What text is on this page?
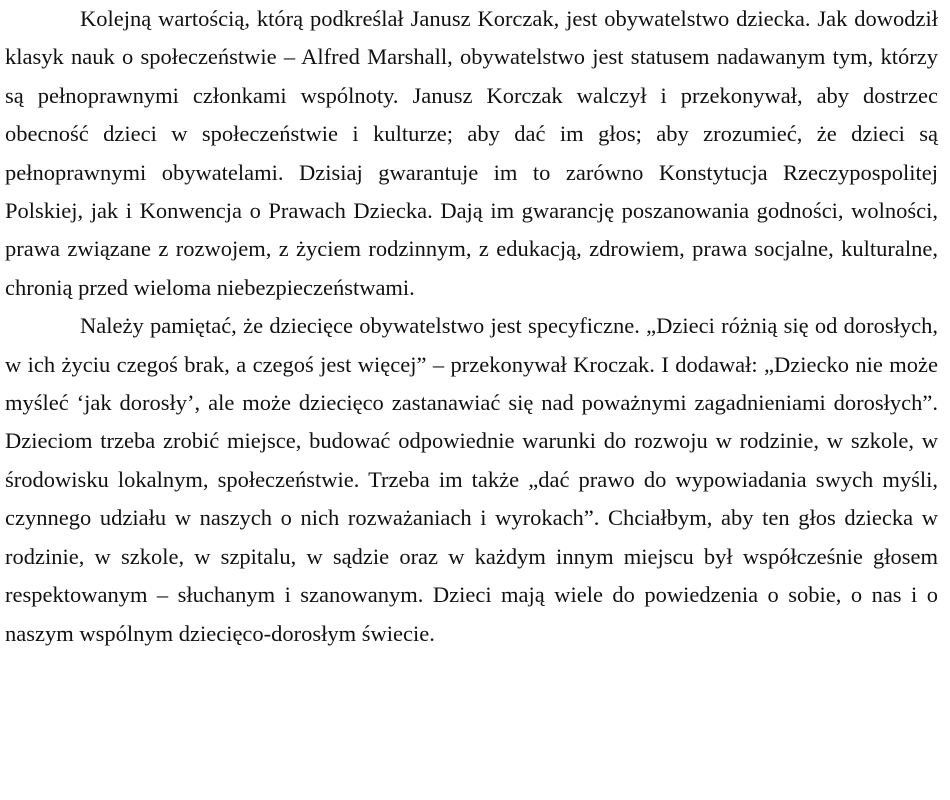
Kolejną wartością, którą podkreślał Janusz Korczak, jest obywatelstwo dziecka. Jak dowodził klasyk nauk o społeczeństwie – Alfred Marshall, obywatelstwo jest statusem nadawanym tym, którzy są pełnoprawnymi członkami wspólnoty. Janusz Korczak walczył i przekonywał, aby dostrzec obecność dzieci w społeczeństwie i kulturze; aby dać im głos; aby zrozumieć, że dzieci są pełnoprawnymi obywatelami. Dzisiaj gwarantuje im to zarówno Konstytucja Rzeczypospolitej Polskiej, jak i Konwencja o Prawach Dziecka. Dają im gwarancję poszanowania godności, wolności, prawa związane z rozwojem, z życiem rodzinnym, z edukacją, zdrowiem, prawa socjalne, kulturalne, chronią przed wieloma niebezpieczeństwami.

Należy pamiętać, że dziecięce obywatelstwo jest specyficzne. „Dzieci różnią się od dorosłych, w ich życiu czegoś brak, a czegoś jest więcej” – przekonywał Kroczak. I dodawał: „Dziecko nie może myśleć ‘jak dorosły’, ale może dziecięco zastanawiać się nad poważnymi zagadnieniami dorosłych”. Dzieciom trzeba zrobić miejsce, budować odpowiednie warunki do rozwoju w rodzinie, w szkole, w środowisku lokalnym, społeczeństwie. Trzeba im także „dać prawo do wypowiadania swych myśli, czynnego udziału w naszych o nich rozważaniach i wyrokach”. Chciałbym, aby ten głos dziecka w rodzinie, w szkole, w szpitalu, w sądzie oraz w każdym innym miejscu był współcześnie głosem respektowanym – słuchanym i szanowanym. Dzieci mają wiele do powiedzenia o sobie, o nas i o naszym wspólnym dziecięco-dorosłym świecie.
